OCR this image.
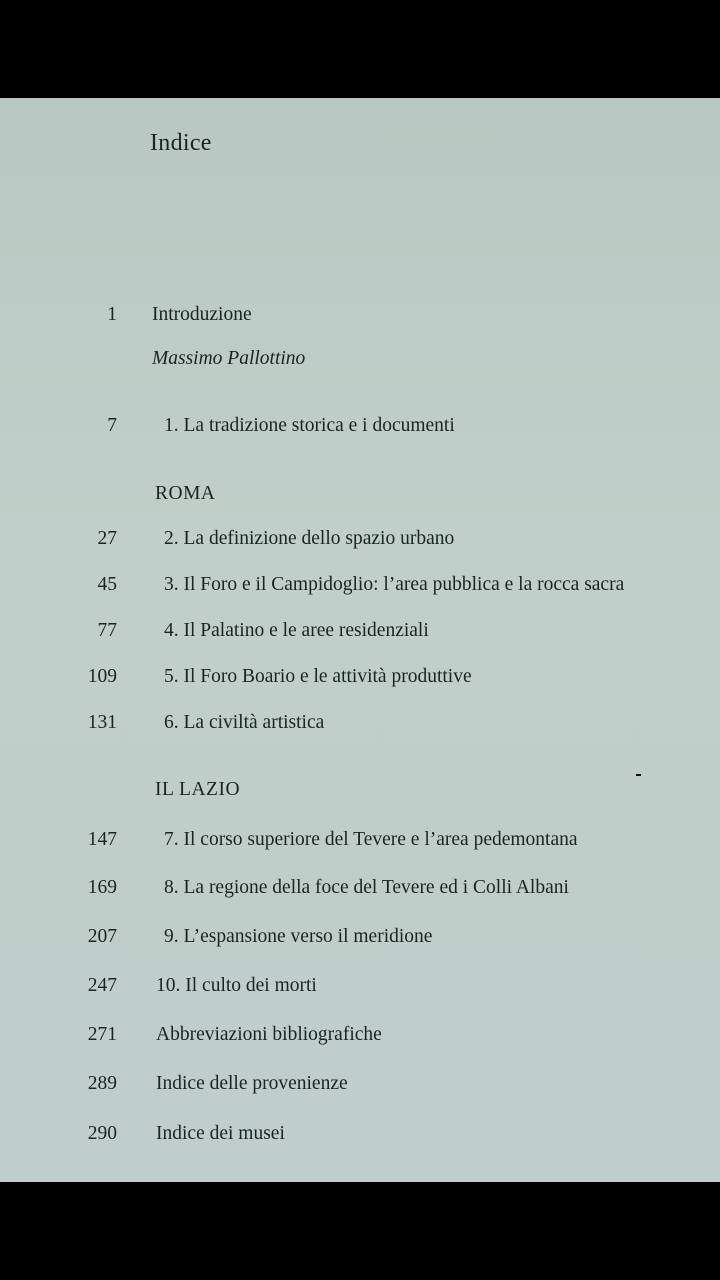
Indice
1 Introduzione
Massimo Pallottino
7 1. La tradizione storica e i documenti
ROMA
27 2. La definizione dello spazio urbano
45 3. Il Foro e il Campidoglio: l’area pubblica e la rocca sacra
77 4. Il Palatino e le aree residenziali
109 5. Il Foro Boario e le attività produttive
131 6. La civiltà artistica
IL LAZIO
147 7. Il corso superiore del Tevere e l’area pedemontana
169 8. La regione della foce del Tevere ed i Colli Albani
207 9. L’espansione verso il meridione
247 10. Il culto dei morti
271 Abbreviazioni bibliografiche
289 Indice delle provenienze
290 Indice dei musei
